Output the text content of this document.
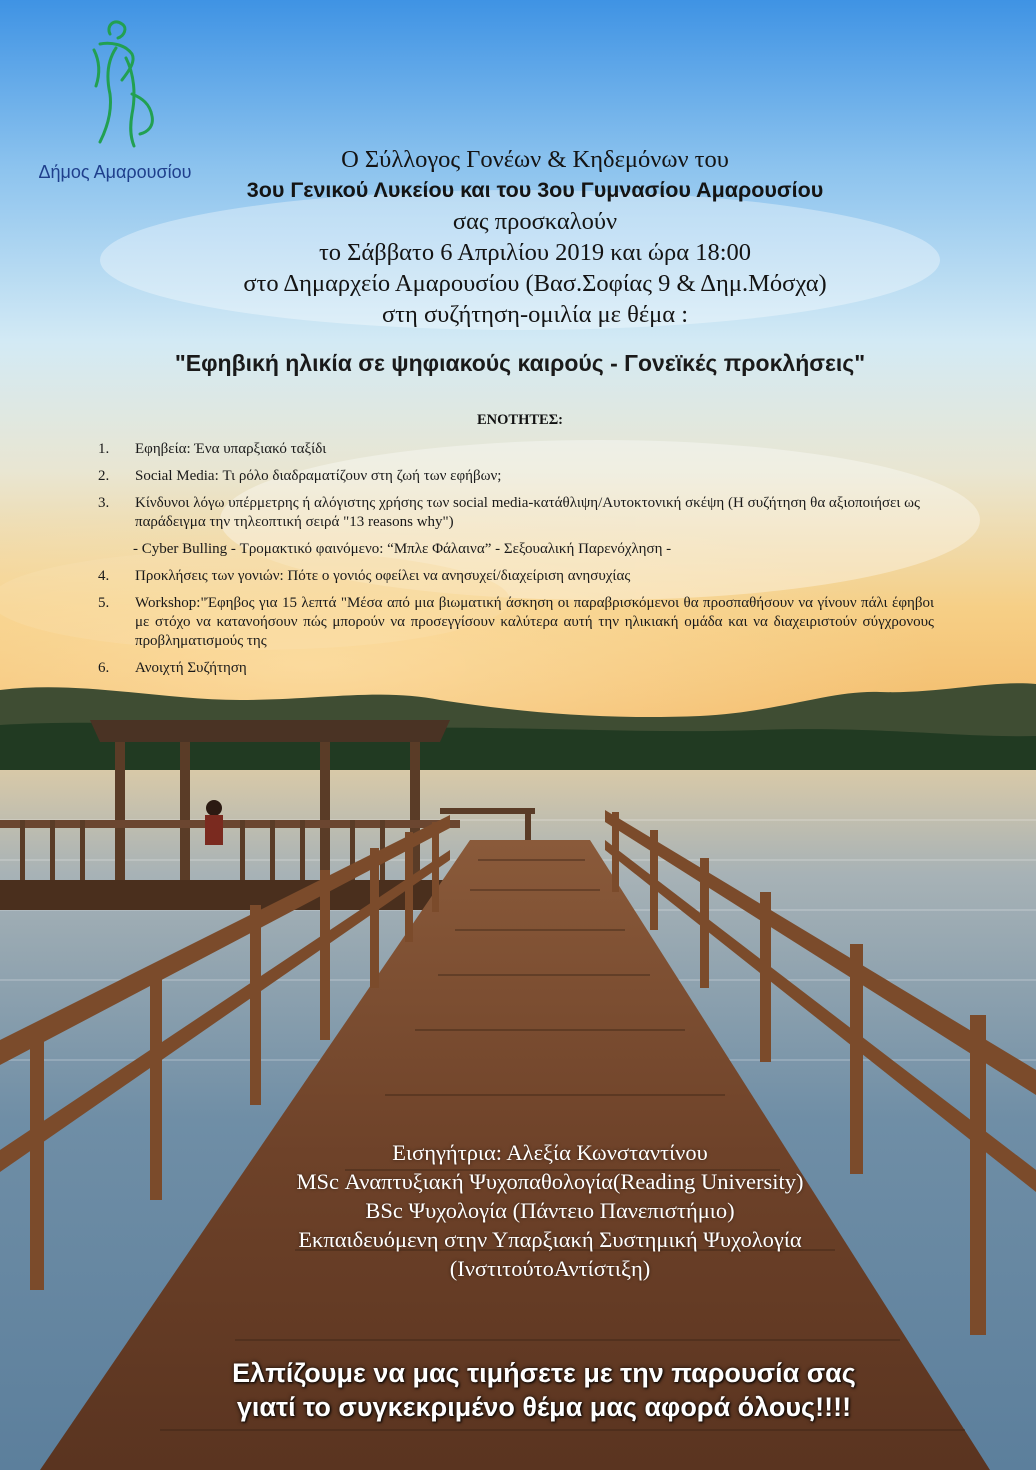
Δήμος Αμαρουσίου	Ο Σύλλογος Γονέων & Κηδεμόνων του
3ου Γενικού Λυκείου και του 3ου Γυμνασίου Αμαρουσίου
σας προσκαλούν
το Σάββατο 6 Απριλίου 2019 και ώρα 18:00
στο Δημαρχείο Αμαρουσίου (Βασ.Σοφίας 9 & Δημ.Μόσχα)
στη συζήτηση-ομιλία με θέμα :
"Εφηβική ηλικία σε ψηφιακούς καιρούς - Γονεϊκές προκλήσεις"
ΕΝΟΤΗΤΕΣ:
1.	Εφηβεία: Ένα υπαρξιακό ταξίδι
2.	Social Media: Τι ρόλο διαδραματίζουν στη ζωή των εφήβων;
3.	Κίνδυνοι λόγω υπέρμετρης ή αλόγιστης χρήσης των social media-κατάθλιψη/Αυτοκτονική σκέψη (Η συζήτηση θα αξιοποιήσει ως παράδειγμα την τηλεοπτική σειρά "13 reasons why")
- Cyber Bulling - Τρομακτικό φαινόμενο: “Μπλε Φάλαινα” - Σεξουαλική Παρενόχληση -
4.	Προκλήσεις των γονιών: Πότε ο γονιός οφείλει να ανησυχεί/διαχείριση ανησυχίας
5.	Workshop:"Έφηβος για 15 λεπτά "Μέσα από μια βιωματική άσκηση οι παραβρισκόμενοι θα προσπαθήσουν να γίνουν πάλι έφηβοι με στόχο να κατανοήσουν πώς μπορούν να προσεγγίσουν καλύτερα αυτή την ηλικιακή ομάδα και να διαχειριστούν σύγχρονους προβληματισμούς της
6.	Ανοιχτή Συζήτηση
Εισηγήτρια: Αλεξία Κωνσταντίνου
MSc Αναπτυξιακή Ψυχοπαθολογία(Reading University)
BSc Ψυχολογία (Πάντειο Πανεπιστήμιο)
Εκπαιδευόμενη στην Υπαρξιακή Συστημική Ψυχολογία
(ΙνστιτούτοΑντίστιξη)
Ελπίζουμε να μας τιμήσετε με την παρουσία σας
γιατί το συγκεκριμένο θέμα μας αφορά όλους!!!!
